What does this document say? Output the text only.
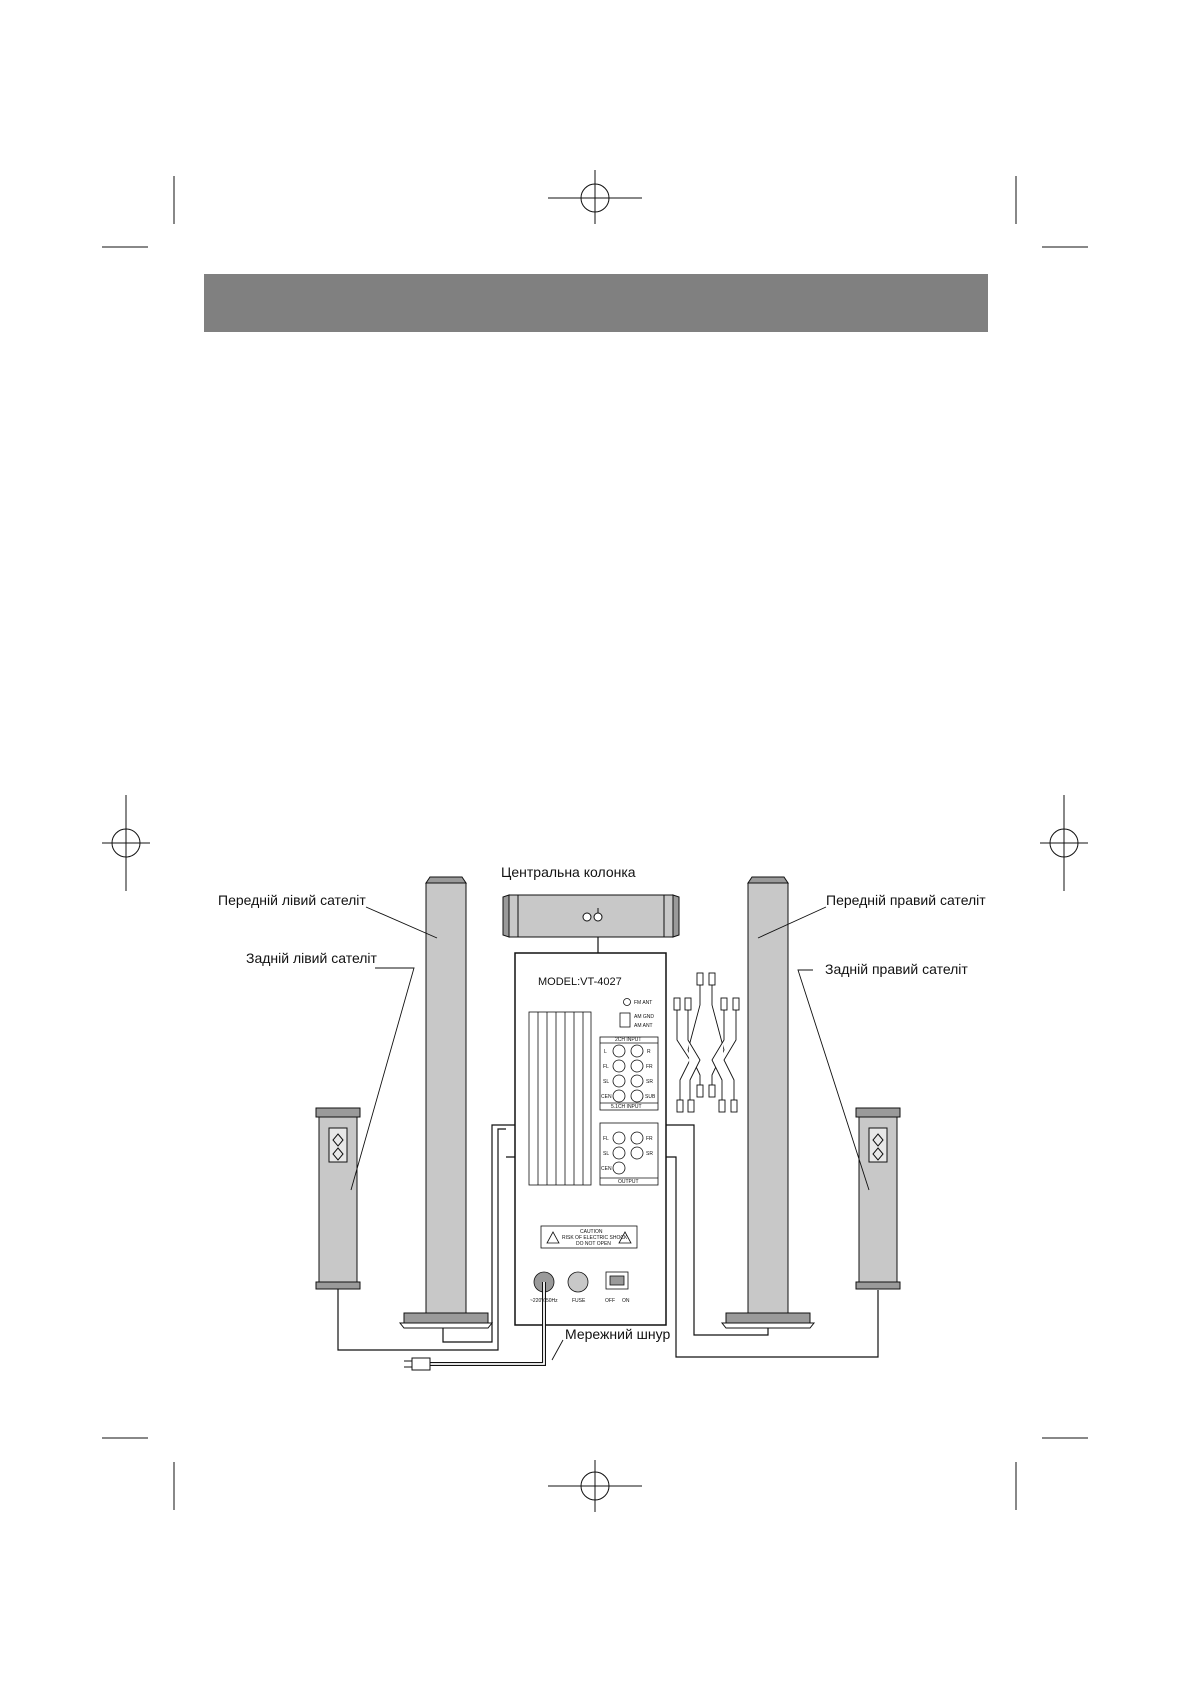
Центральна колонка
Передній лівий сателіт
Задній лівий сателіт
Передній правий сателіт
Задній правий сателіт
Мережний шнур
MODEL:VT-4027
FM ANT
AM GND
AM ANT
2CH INPUT
5.1CH INPUT
L	R
FL	FR
SL	SR
CEN	SUB
FL	FR
SL	SR
CEN
OUTPUT
CAUTION
RISK OF ELECTRIC SHOCK
DO NOT OPEN
~220V/50Hz	FUSE	OFF ON
